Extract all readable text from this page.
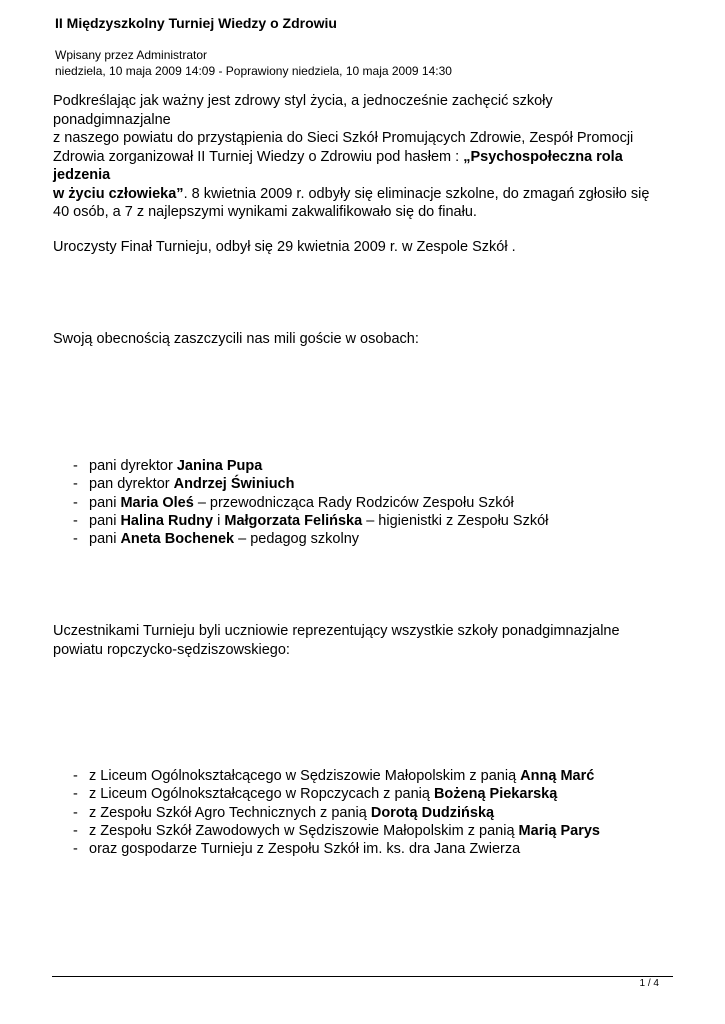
II Międzyszkolny Turniej Wiedzy o Zdrowiu
Wpisany przez Administrator
niedziela, 10 maja 2009 14:09 - Poprawiony niedziela, 10 maja 2009 14:30

Podkreślając jak ważny jest zdrowy styl życia, a jednocześnie zachęcić szkoły

ponadgimnazjalne

z naszego powiatu do przystąpienia do Sieci Szkół Promujących Zdrowie, Zespół Promocji

Zdrowia zorganizował II Turniej Wiedzy o Zdrowiu pod hasłem : „Psychospołeczna rola

jedzenia

w życiu człowieka”. 8 kwietnia 2009 r. odbyły się eliminacje szkolne, do zmagań zgłosiło się

40 osób, a 7 z najlepszymi wynikami zakwalifikowało się do finału.

Uroczysty Finał Turnieju, odbył się 29 kwietnia 2009 r. w Zespole Szkół .
Swoją obecnością zaszczycili nas mili goście w osobach:
- pani dyrektor Janina Pupa
- pan dyrektor Andrzej Świniuch
- pani Maria Oleś – przewodnicząca Rady Rodziców Zespołu Szkół
- pani Halina Rudny i Małgorzata Felińska – higienistki z Zespołu Szkół
- pani Aneta Bochenek – pedagog szkolny
Uczestnikami Turnieju byli uczniowie reprezentujący wszystkie szkoły ponadgimnazjalne
powiatu ropczycko-sędziszowskiego:
- z Liceum Ogólnokształcącego w Sędziszowie Małopolskim z panią Anną Marć
- z Liceum Ogólnokształcącego w Ropczycach z panią Bożeną Piekarską
- z Zespołu Szkół Agro Technicznych z panią Dorotą Dudzińską
- z Zespołu Szkół Zawodowych w Sędziszowie Małopolskim z panią Marią Parys
- oraz gospodarze Turnieju z Zespołu Szkół im. ks. dra Jana Zwierza
1 / 4
